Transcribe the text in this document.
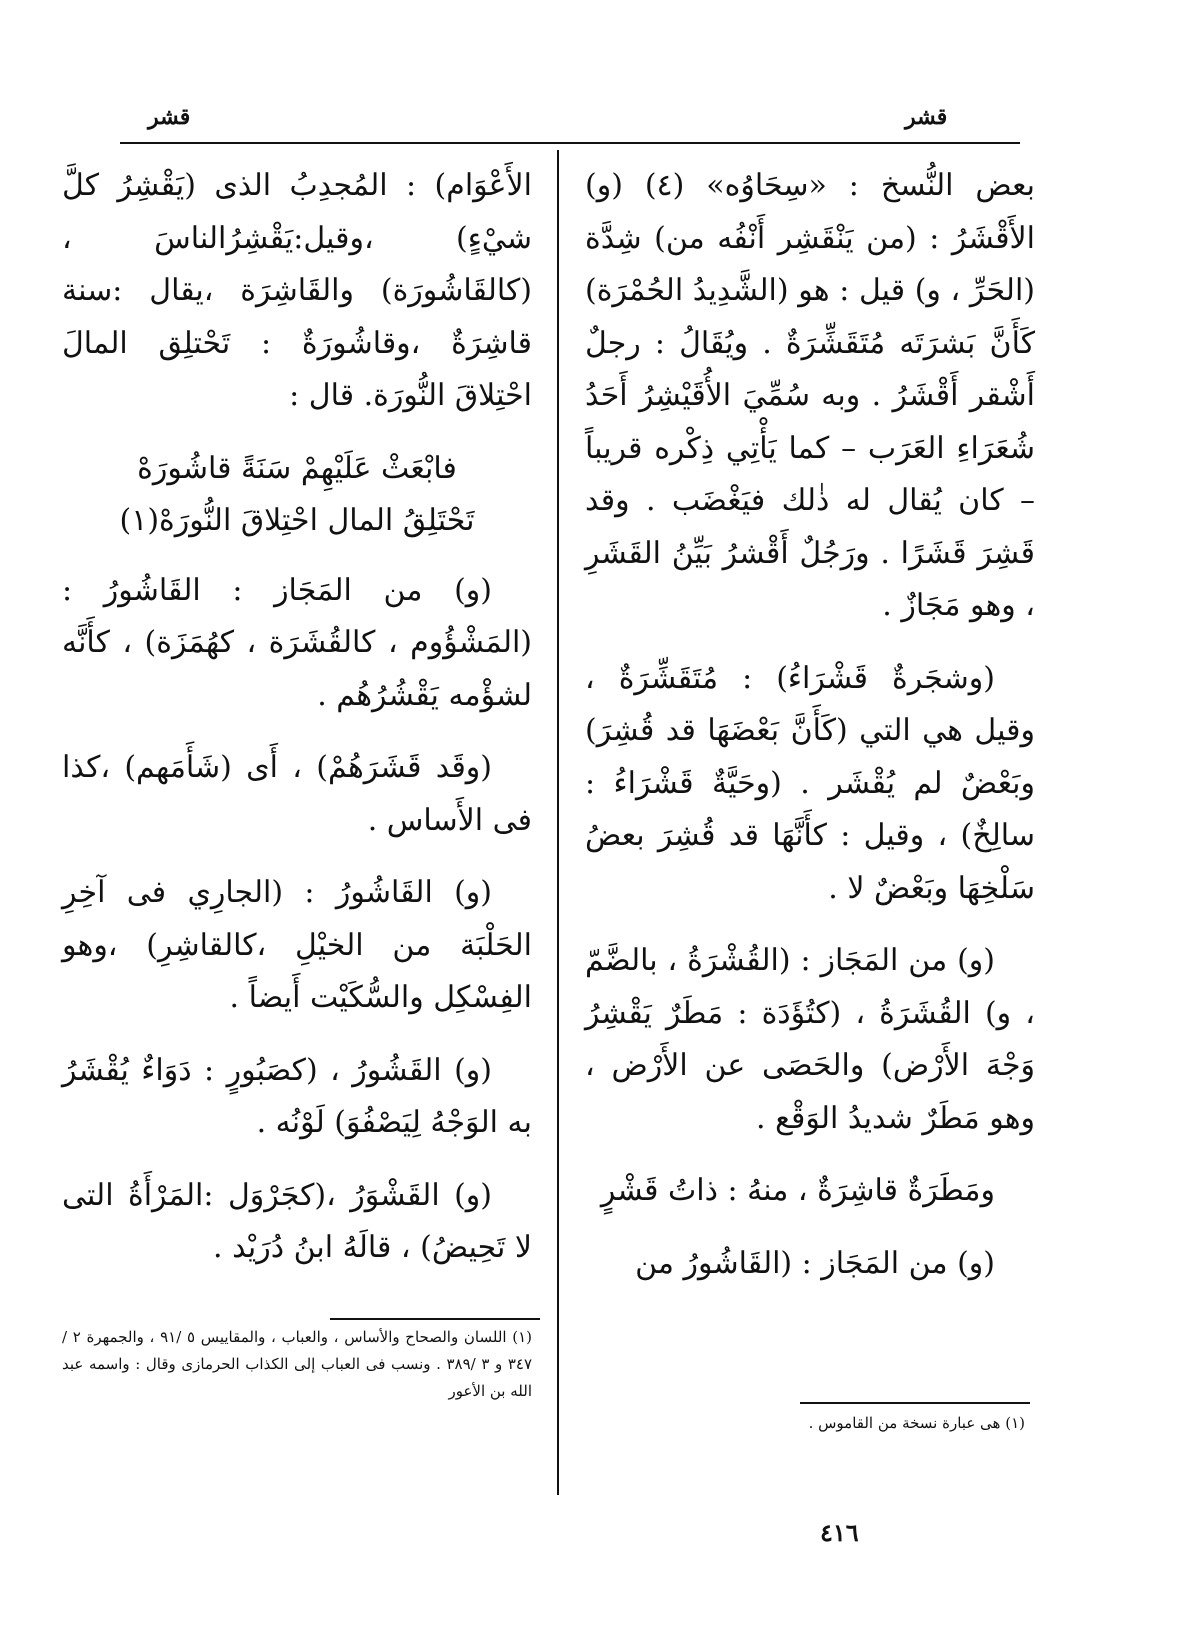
قشر	قشر

بعض النُّسخ : «سِحَاوُه» (٤) (و) الأَقْشَرُ : (من يَنْقَشِر أَنْفُه من) شِدَّة (الحَرِّ ، و) قيل : هو (الشَّدِيدُ الحُمْرَة) كَأَنَّ بَشرَتَه مُتَقَشِّرَةٌ . ويُقَالُ : رجلٌ أَشْقر أَقْشَرُ . وبه سُمِّيَ الأُقَيْشِرُ أَحَدُ شُعَرَاءِ العَرَب – كما يَأْتِي ذِكْره قريباً – كان يُقال له ذٰلك فيَغْضَب . وقد قَشِرَ قَشَرًا . ورَجُلٌ أَقْشرُ بَيِّنُ القَشَرِ ، وهو مَجَازٌ .

(وشجَرةٌ قَشْرَاءُ) : مُتَقَشِّرَةٌ ، وقيل هي التي (كَأَنَّ بَعْضَهَا قد قُشِرَ) وبَعْضٌ لم يُقْشَر . (وحَيَّةٌ قَشْرَاءُ : سالِخٌ) ، وقيل : كأَنَّهَا قد قُشِرَ بعضُ سَلْخِهَا وبَعْضٌ لا .

(و) من المَجَاز : (القُشْرَةُ ، بالضَّمّ ، و) القُشَرَةُ ، (كتُؤَدَة : مَطَرٌ يَقْشِرُ وَجْهَ الأَرْض) والحَصَى عن الأَرْض ، وهو مَطَرٌ شديدُ الوَقْع .

ومَطَرَةٌ قاشِرَةٌ ، منهُ : ذاتُ قَشْرٍ

(و) من المَجَاز : (القَاشُورُ من

الأَعْوَام) : المُجدِبُ الذى (يَقْشِرُ كلَّ شيْءٍ) ،وقيل:يَقْشِرُالناسَ ،(كالقَاشُورَة) والقَاشِرَة ،يقال :سنة قاشِرَةٌ ،وقاشُورَةٌ : تَحْتلِق المالَ احْتِلاقَ النُّورَة. قال :

فابْعَثْ عَلَيْهِمْ سَنَةً قاشُورَهْ
تَحْتَلِقُ المال احْتِلاقَ النُّورَهْ(١)

(و) من المَجَاز : القَاشُورُ : (المَشْؤُوم ، كالقُشَرَة ، كهُمَزَة) ، كأَنَّه لشؤْمه يَقْشُرُهُم .

(وقَد قَشَرَهُمْ) ، أَى (شَأَمَهم) ،كذا فى الأَساس .

(و) القَاشُورُ : (الجارِي فى آخِرِ الحَلْبَة من الخيْلِ ،كالقاشِرِ) ،وهو الفِسْكِل والسُّكَيْت أَيضاً .

(و) القَشُورُ ، (كصَبُورٍ : دَوَاءٌ يُقْشَرُ به الوَجْهُ لِيَصْفُوَ) لَوْنُه .

(و) القَشْوَرُ ،(كجَرْوَل :المَرْأَةُ التى لا تَحِيضُ) ، قالَهُ ابنُ دُرَيْد .

(١) اللسان والصحاح والأساس ، والعباب ، والمقاييس ٥ /٩١ ، والجمهرة ٢ /٣٤٧ و ٣ /٣٨٩ . ونسب فى العباب إلى الكذاب الحرمازى وقال : واسمه عبد الله بن الأعور
(١) هى عبارة نسخة من القاموس .
٤١٦
